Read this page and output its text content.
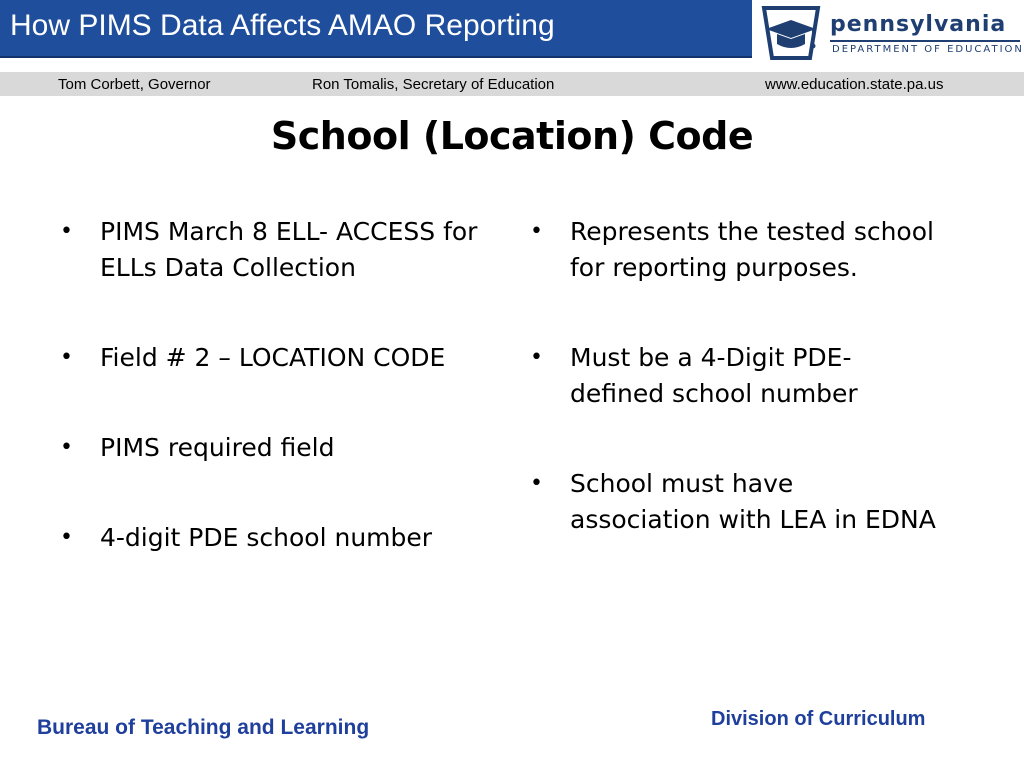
How PIMS Data Affects AMAO Reporting	pennsylvania
DEPARTMENT OF EDUCATION
Tom Corbett, Governor	Ron Tomalis, Secretary of Education	www.education.state.pa.us
School (Location) Code
• PIMS March 8 ELL- ACCESS for ELLs Data Collection
• Field # 2 – LOCATION CODE
• PIMS required field
• 4-digit PDE school number
• Represents the tested school for reporting purposes.
• Must be a 4-Digit PDE-defined school number
• School must have association with LEA in EDNA
Bureau of Teaching and Learning	Division of Curriculum
